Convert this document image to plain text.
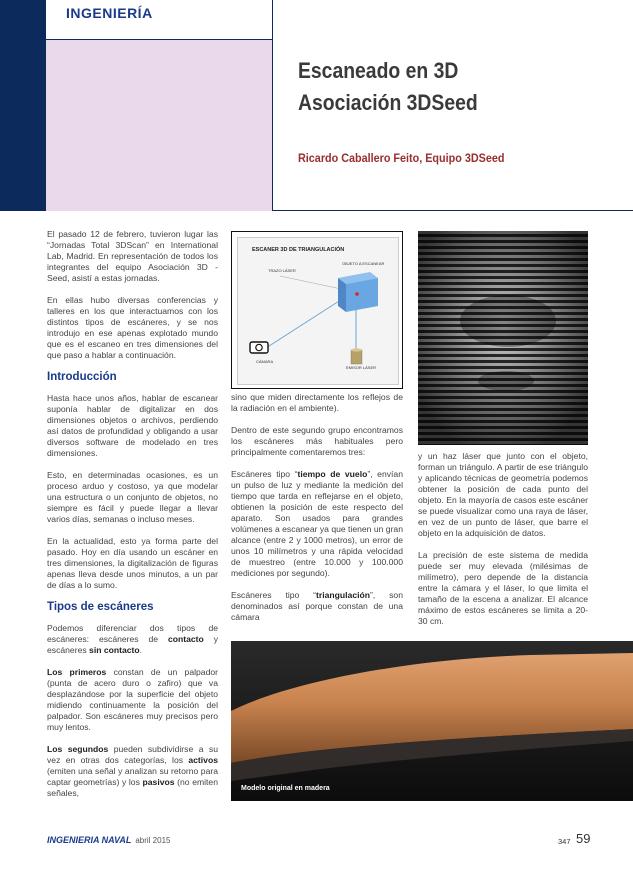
INGENIERÍA
Escaneado en 3D
Asociación 3DSeed
Ricardo Caballero Feito, Equipo 3DSeed

El pasado 12 de febrero, tuvieron lugar las “Jornadas Total 3DScan” en International Lab, Madrid. En representación de todos los integrantes del equipo Asociación 3D - Seed, asistí a estas jornadas.

En ellas hubo diversas conferencias y talleres en los que interactuamos con los distintos tipos de escáneres, y se nos introdujo en ese apenas explotado mundo que es el escaneo en tres dimensiones del que paso a hablar a continuación.

Introducción

Hasta hace unos años, hablar de escanear suponía hablar de digitalizar en dos dimensiones objetos o archivos, perdiendo así datos de profundidad y obligando a usar diversos software de modelado en tres dimensiones.

Esto, en determinadas ocasiones, es un proceso arduo y costoso, ya que modelar una estructura o un conjunto de objetos, no siempre es fácil y puede llegar a llevar varios días, semanas o incluso meses.

En la actualidad, esto ya forma parte del pasado. Hoy en día usando un escáner en tres dimensiones, la digitalización de figuras apenas lleva desde unos minutos, a un par de días a lo sumo.

Tipos de escáneres

Podemos diferenciar dos tipos de escáneres: escáneres de contacto y escáneres sin contacto.

Los primeros constan de un palpador (punta de acero duro o zafiro) que va desplazándose por la superficie del objeto midiendo continuamente la posición del palpador. Son escáneres muy precisos pero muy lentos.

Los segundos pueden subdividirse a su vez en otras dos categorías, los activos (emiten una señal y analizan su retorno para captar geometrías) y los pasivos (no emiten señales,

ESCANER 3D DE TRIANGULACIÓN
TRAZO LÁSER
OBJETO A ESCANEAR
CÁMARA
EMISOR LÁSER

sino que miden directamente los reflejos de la radiación en el ambiente).

Dentro de este segundo grupo encontramos los escáneres más habituales pero principalmente comentaremos tres:

Escáneres tipo “tiempo de vuelo”, envían un pulso de luz y mediante la medición del tiempo que tarda en reflejarse en el objeto, obtienen la posición de este respecto del aparato. Son usados para grandes volúmenes a escanear ya que tienen un gran alcance (entre 2 y 1000 metros), un error de unos 10 milímetros y una rápida velocidad de muestreo (entre 10.000 y 100.000 mediciones por segundo).

Escáneres tipo “triangulación”, son denominados así porque constan de una cámara

y un haz láser que junto con el objeto, forman un triángulo. A partir de ese triángulo y aplicando técnicas de geometría podemos obtener la posición de cada punto del objeto. En la mayoría de casos este escáner se puede visualizar como una raya de láser, en vez de un punto de láser, que barre el objeto en la adquisición de datos.

La precisión de este sistema de medida puede ser muy elevada (milésimas de milímetro), pero depende de la distancia entre la cámara y el láser, lo que limita el tamaño de la escena a analizar. El alcance máximo de estos escáneres se limita a 20-30 cm.

Modelo original en madera
INGENIERIA NAVAL abril 2015	347 59
